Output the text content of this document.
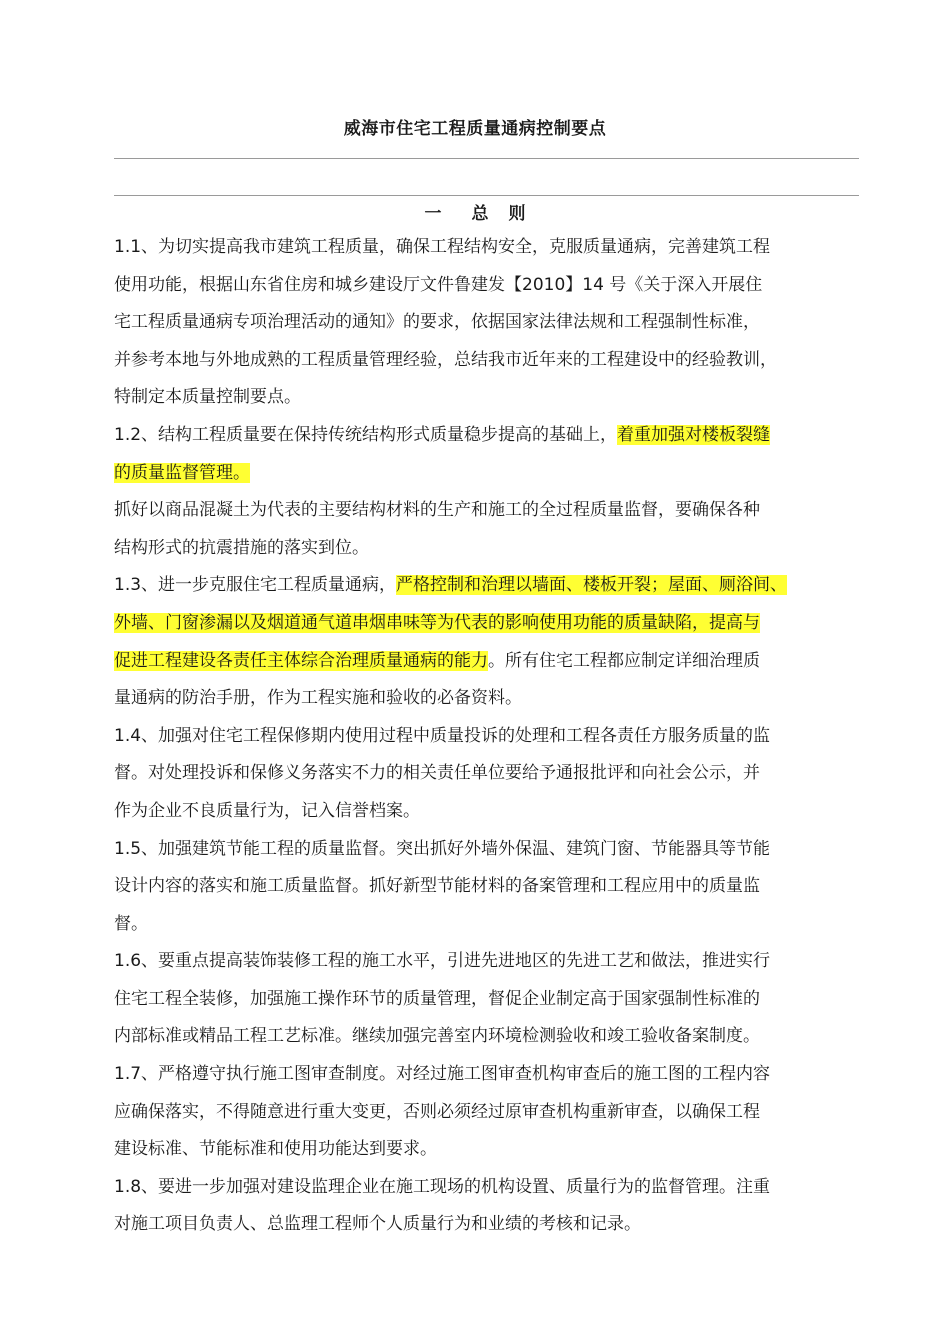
威海市住宅工程质量通病控制要点
一 总 则
1.1、为切实提高我市建筑工程质量，确保工程结构安全，克服质量通病，完善建筑工程
使用功能，根据山东省住房和城乡建设厅文件鲁建发【2010】14 号《关于深入开展住
宅工程质量通病专项治理活动的通知》的要求，依据国家法律法规和工程强制性标准，
并参考本地与外地成熟的工程质量管理经验，总结我市近年来的工程建设中的经验教训，
特制定本质量控制要点。
1.2、结构工程质量要在保持传统结构形式质量稳步提高的基础上，着重加强对楼板裂缝
的质量监督管理。
抓好以商品混凝土为代表的主要结构材料的生产和施工的全过程质量监督，要确保各种
结构形式的抗震措施的落实到位。
1.3、进一步克服住宅工程质量通病，严格控制和治理以墙面、楼板开裂；屋面、厕浴间、
外墙、门窗渗漏以及烟道通气道串烟串味等为代表的影响使用功能的质量缺陷，提高与
促进工程建设各责任主体综合治理质量通病的能力。所有住宅工程都应制定详细治理质
量通病的防治手册，作为工程实施和验收的必备资料。
1.4、加强对住宅工程保修期内使用过程中质量投诉的处理和工程各责任方服务质量的监
督。对处理投诉和保修义务落实不力的相关责任单位要给予通报批评和向社会公示，并
作为企业不良质量行为，记入信誉档案。
1.5、加强建筑节能工程的质量监督。突出抓好外墙外保温、建筑门窗、节能器具等节能
设计内容的落实和施工质量监督。抓好新型节能材料的备案管理和工程应用中的质量监
督。
1.6、要重点提高装饰装修工程的施工水平，引进先进地区的先进工艺和做法，推进实行
住宅工程全装修，加强施工操作环节的质量管理，督促企业制定高于国家强制性标准的
内部标准或精品工程工艺标准。继续加强完善室内环境检测验收和竣工验收备案制度。
1.7、严格遵守执行施工图审查制度。对经过施工图审查机构审查后的施工图的工程内容
应确保落实，不得随意进行重大变更，否则必须经过原审查机构重新审查，以确保工程
建设标准、节能标准和使用功能达到要求。
1.8、要进一步加强对建设监理企业在施工现场的机构设置、质量行为的监督管理。注重
对施工项目负责人、总监理工程师个人质量行为和业绩的考核和记录。
